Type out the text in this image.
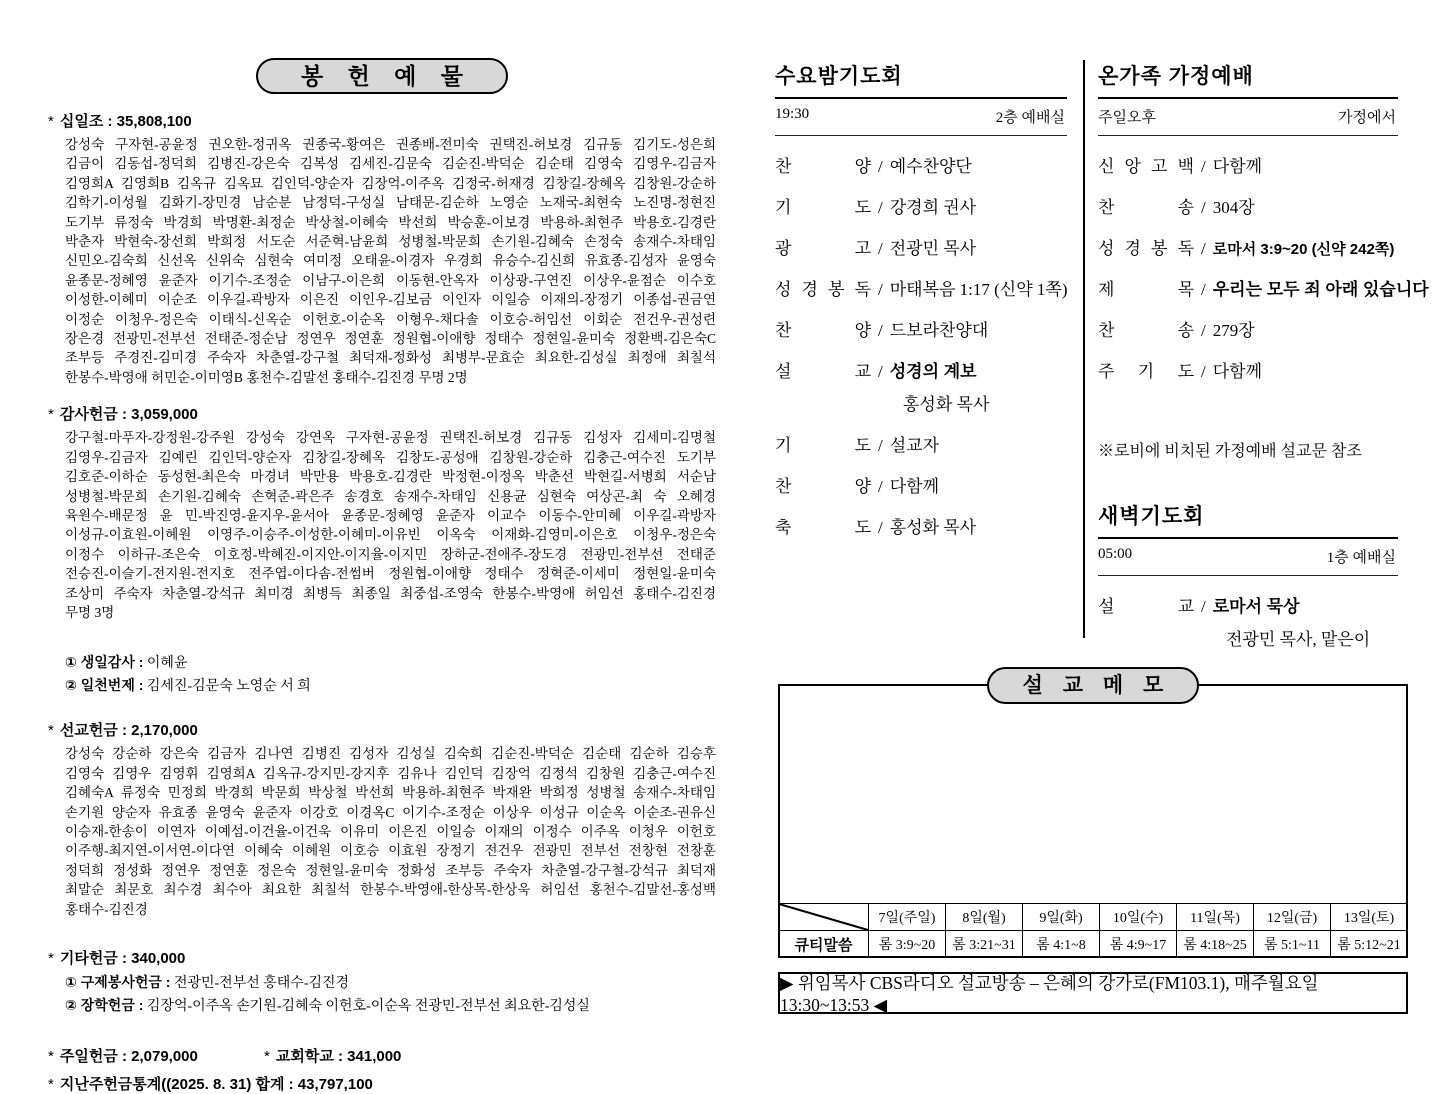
봉 헌 예 물
* 십일조 : 35,808,100
강성숙 구자현-공윤정 권오한-정귀옥 권종국-황여은 권종배-전미숙 권택진-허보경 김규동 김기도-성은희
김금이 김동섭-정덕희 김병진-강은숙 김복성 김세진-김문숙 김순진-박덕순 김순태 김영숙 김영우-김금자
김영희A 김영희B 김옥규 김옥묘 김인덕-양순자 김장억-이주옥 김정국-허재경 김창길-장혜옥 김창원-강순하
김학기-이성월 김화기-장민경 남순분 남정덕-구성실 남태문-김순하 노영순 노재국-최현숙 노진명-정현진
도기부 류정숙 박경희 박명환-최정순 박상철-이혜숙 박선희 박승훈-이보경 박용하-최현주 박용호-김경란
박춘자 박현숙-장선희 박희정 서도순 서준혁-남윤희 성병철-박문희 손기원-김혜숙 손정숙 송재수-차태임
신민오-김숙희 신선옥 신위숙 심현숙 여미정 오태윤-이경자 우경희 유승수-김신희 유효종-김성자 윤영숙
윤종문-정혜영 윤준자 이기수-조정순 이남구-이은희 이동현-안옥자 이상광-구연진 이상우-윤점순 이수호
이성한-이혜미 이순조 이우길-곽방자 이은진 이인우-김보금 이인자 이일승 이재의-장정기 이종섭-권금연
이정순 이청우-정은숙 이태식-신옥순 이헌호-이순옥 이형우-채다솔 이호승-허임선 이회순 전건우-권성련
장은경 전광민-전부선 전태준-정순남 정연우 정연훈 정원협-이애향 정태수 정현일-윤미숙 정환백-김은숙C
조부등 주경진-김미경 주숙자 차춘열-강구철 최덕재-정화성 최병부-문효순 최요한-김성실 최정애 최칠석
한봉수-박영애 허민순-이미영B 홍천수-김말선 홍태수-김진경 무명 2명
* 감사헌금 : 3,059,000
강구철-마푸자-강정원-강주원 강성숙 강연옥 구자현-공윤정 권택진-허보경 김규동 김성자 김세미-김명철
김영우-김금자 김예린 김인덕-양순자 김창길-장혜옥 김창도-공성애 김창원-강순하 김충근-여수진 도기부
김호준-이하순 동성현-최은숙 마경녀 박만용 박용호-김경란 박정현-이정옥 박춘선 박현길-서병희 서순남
성병철-박문희 손기원-김혜숙 손혁준-곽은주 송경호 송재수-차태임 신용균 심현숙 여상곤-최 숙 오혜경
육원수-배문정 윤 민-박진영-윤지우-윤서아 윤종문-정혜영 윤준자 이교수 이동수-안미혜 이우길-곽방자
이성규-이효원-이혜원 이영주-이승주-이성한-이혜미-이유빈 이옥숙 이재화-김영미-이은호 이청우-정은숙
이정수 이하규-조은숙 이호정-박혜진-이지안-이지율-이지민 장하군-전애주-장도경 전광민-전부선 전태준
전승진-이슬기-전지원-전지호 전주엽-이다솜-전썸버 정원협-이애향 정태수 정혁준-이세미 정현일-윤미숙
조상미 주숙자 차춘열-강석규 최미경 최병득 최종일 최중섭-조영숙 한봉수-박영애 허임선 홍태수-김진경
무명 3명
① 생일감사 : 이혜윤
② 일천번제 : 김세진-김문숙 노영순 서 희
* 선교헌금 : 2,170,000
강성숙 강순하 강은숙 김금자 김나연 김병진 김성자 김성실 김숙희 김순진-박덕순 김순태 김순하 김승후
김영숙 김영우 김영휘 김영희A 김옥규-강지민-강지후 김유나 김인덕 김장억 김정석 김창원 김충근-여수진
김혜숙A 류정숙 민정희 박경희 박문희 박상철 박선희 박용하-최현주 박재완 박희정 성병철 송재수-차태임
손기원 양순자 유효종 윤영숙 윤준자 이강호 이경옥C 이기수-조정순 이상우 이성규 이순옥 이순조-권유신
이승재-한송이 이연자 이예섬-이건율-이건욱 이유미 이은진 이일승 이재의 이정수 이주옥 이청우 이헌호
이주행-최지연-이서연-이다연 이혜숙 이혜원 이호승 이효원 장정기 전건우 전광민 전부선 전창현 전창훈
정덕희 정성화 정연우 정연훈 정은숙 정현일-윤미숙 정화성 조부등 주숙자 차춘열-강구철-강석규 최덕재
최말순 최문호 최수경 최수아 최요한 최칠석 한봉수-박영애-한상목-한상욱 허임선 홍천수-김말선-홍성백
홍태수-김진경
* 기타헌금 : 340,000
① 구제봉사헌금 : 전광민-전부선 홍태수-김진경
② 장학헌금 : 김장억-이주옥 손기원-김혜숙 이헌호-이순옥 전광민-전부선 최요한-김성실
* 주일헌금 : 2,079,000	* 교회학교 : 341,000
* 지난주헌금통계((2025. 8. 31) 합계 : 43,797,100
수요밤기도회
19:30	2층 예배실
찬 양 / 예수찬양단
기 도 / 강경희 권사
광 고 / 전광민 목사
성 경 봉 독 / 마태복음 1:17 (신약 1쪽)
찬 양 / 드보라찬양대
설 교 / 성경의 계보
홍성화 목사
기 도 / 설교자
찬 양 / 다함께
축 도 / 홍성화 목사
온가족 가정예배
주일오후	가정에서
신 앙 고 백 / 다함께
찬 송 / 304장
성 경 봉 독 / 로마서 3:9~20 (신약 242쪽)
제 목 / 우리는 모두 죄 아래 있습니다
찬 송 / 279장
주 기 도 / 다함께
※로비에 비치된 가정예배 설교문 참조
새벽기도회
05:00	1층 예배실
설 교 / 로마서 묵상
전광민 목사, 맡은이
설 교 메 모
	7일(주일)	8일(월)	9일(화)	10일(수)	11일(목)	12일(금)	13일(토)
큐티말씀	롬 3:9~20	롬 3:21~31	롬 4:1~8	롬 4:9~17	롬 4:18~25	롬 5:1~11	롬 5:12~21
▶ 위임목사 CBS라디오 설교방송 – 은혜의 강가로(FM103.1), 매주월요일 13:30~13:53 ◀
